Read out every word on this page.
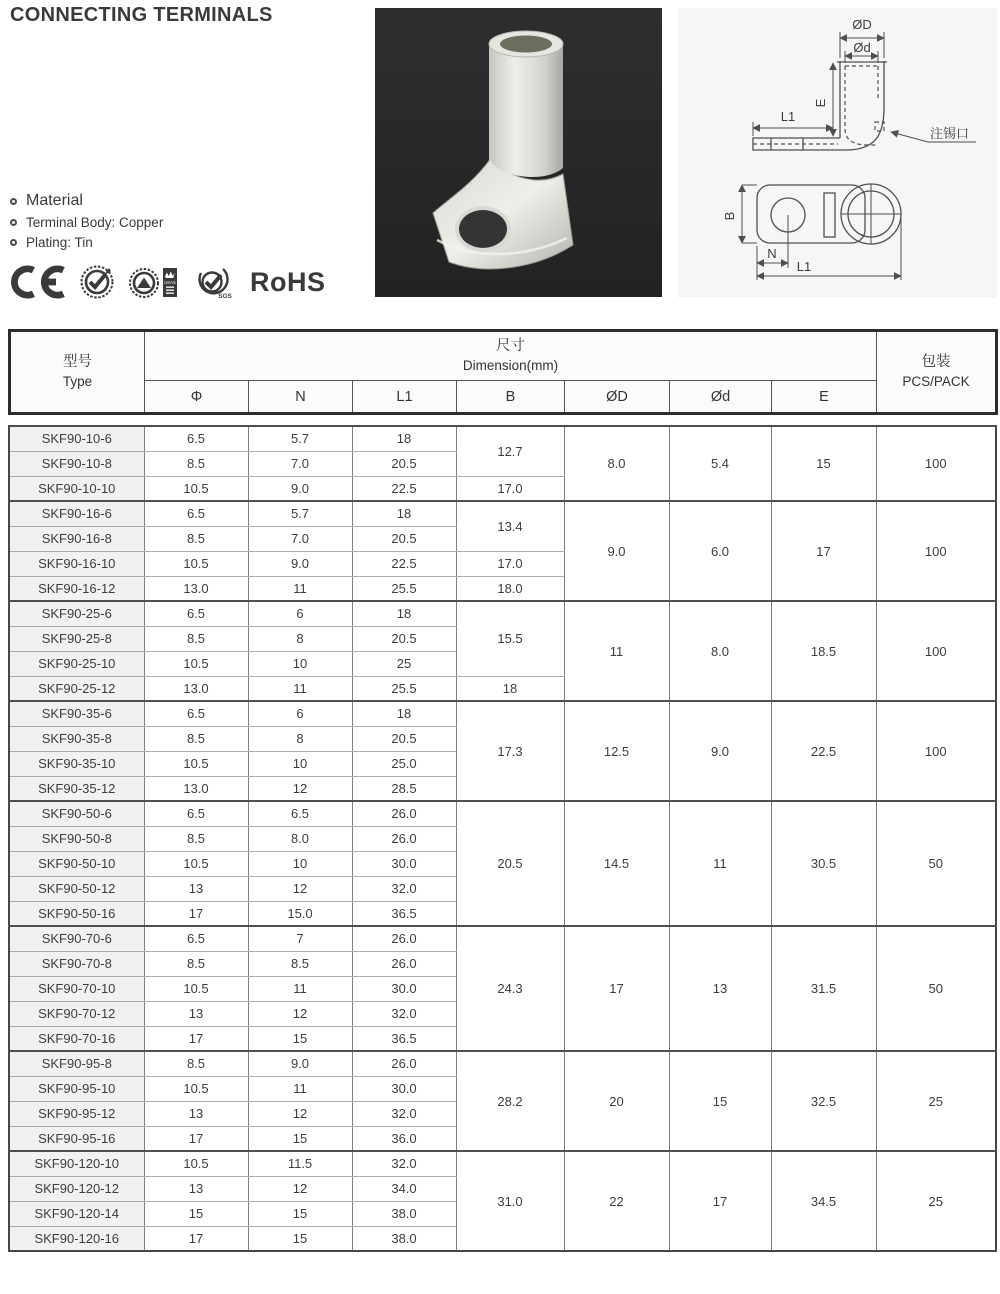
CONNECTING TERMINALS
Material
Terminal Body: Copper
Plating: Tin
UKAS
SGS RoHS
ØD
Ød
E
L1
注锡口
B
N
L1
型号
Type

尺寸
Dimension(mm)	包装
PCS/PACK

	Φ	N	L1	B	ØD	Ød	E	
SKF90-10-6	6.5	5.7	18	12.7	8.0	5.4	15	100
SKF90-10-8	8.5	7.0	20.5					
SKF90-10-10	10.5	9.0	22.5	17.0				
SKF90-16-6	6.5	5.7	18	13.4	9.0	6.0	17	100
SKF90-16-8	8.5	7.0	20.5					
SKF90-16-10	10.5	9.0	22.5	17.0				
SKF90-16-12	13.0	11	25.5	18.0				
SKF90-25-6	6.5	6	18	15.5	11	8.0	18.5	100
SKF90-25-8	8.5	8	20.5					
SKF90-25-10	10.5	10	25					
SKF90-25-12	13.0	11	25.5	18				
SKF90-35-6	6.5	6	18	17.3	12.5	9.0	22.5	100
SKF90-35-8	8.5	8	20.5					
SKF90-35-10	10.5	10	25.0					
SKF90-35-12	13.0	12	28.5					
SKF90-50-6	6.5	6.5	26.0	20.5	14.5	11	30.5	50
SKF90-50-8	8.5	8.0	26.0					
SKF90-50-10	10.5	10	30.0					
SKF90-50-12	13	12	32.0					
SKF90-50-16	17	15.0	36.5					
SKF90-70-6	6.5	7	26.0	24.3	17	13	31.5	50
SKF90-70-8	8.5	8.5	26.0					
SKF90-70-10	10.5	11	30.0					
SKF90-70-12	13	12	32.0					
SKF90-70-16	17	15	36.5					
SKF90-95-8	8.5	9.0	26.0	28.2	20	15	32.5	25
SKF90-95-10	10.5	11	30.0					
SKF90-95-12	13	12	32.0					
SKF90-95-16	17	15	36.0					
SKF90-120-10	10.5	11.5	32.0	31.0	22	17	34.5	25
SKF90-120-12	13	12	34.0					
SKF90-120-14	15	15	38.0					
SKF90-120-16	17	15	38.0					
